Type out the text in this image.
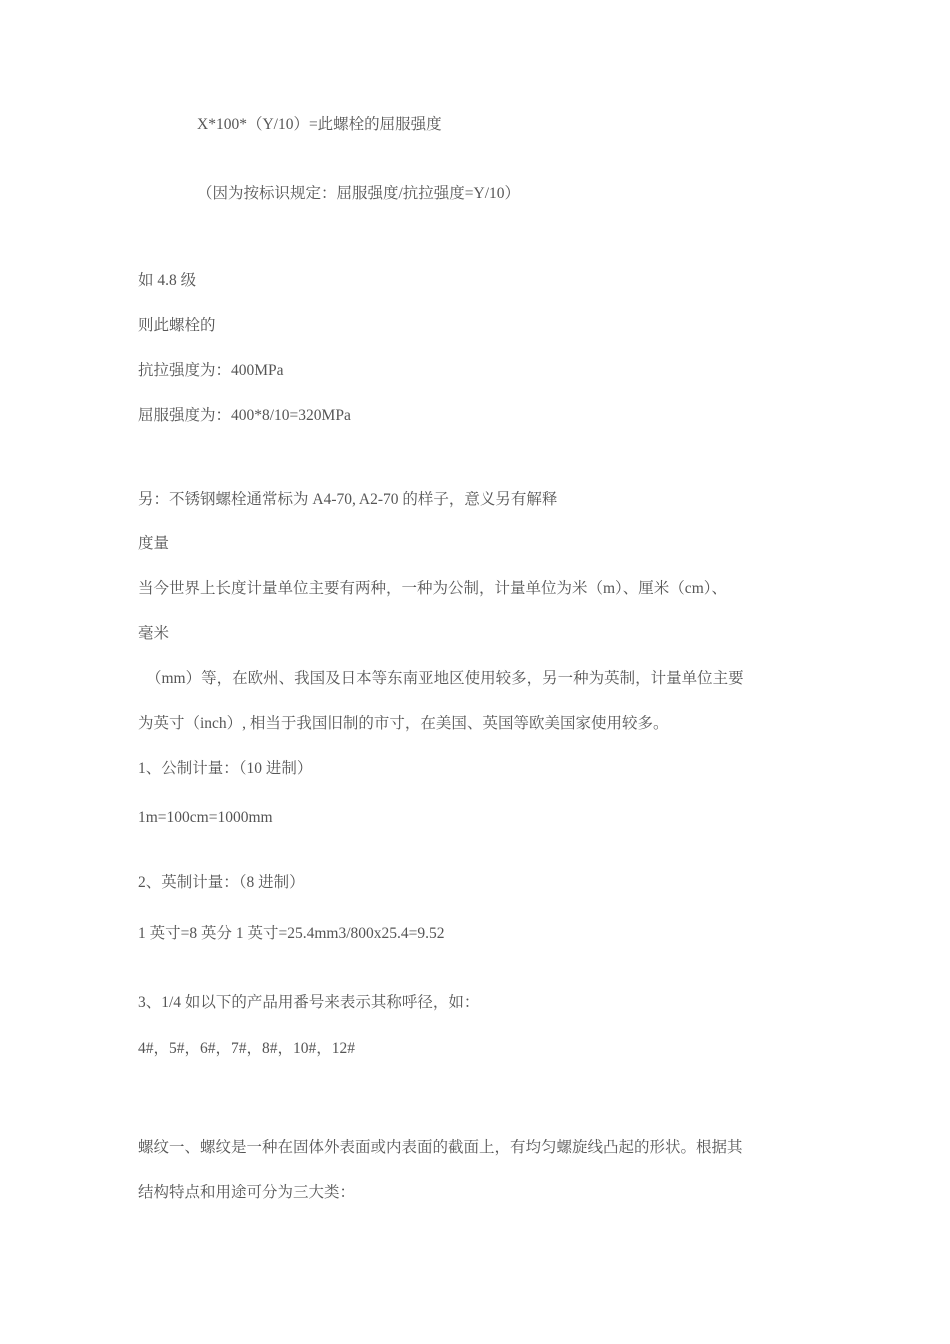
X*100*（Y/10）=此螺栓的屈服强度
（因为按标识规定：屈服强度/抗拉强度=Y/10）
如 4.8 级
则此螺栓的
抗拉强度为：400MPa
屈服强度为：400*8/10=320MPa
另：不锈钢螺栓通常标为 A4-70, A2-70 的样子，意义另有解释
度量
当今世界上长度计量单位主要有两种，一种为公制，计量单位为米（m）、厘米（cm）、
毫米
（mm）等，在欧州、我国及日本等东南亚地区使用较多，另一种为英制，计量单位主要
为英寸（inch）, 相当于我国旧制的市寸，在美国、英国等欧美国家使用较多。
1、公制计量：（10 进制）
1m=100cm=1000mm
2、英制计量：（8 进制）
1 英寸=8 英分 1 英寸=25.4mm3/800x25.4=9.52
3、1/4 如以下的产品用番号来表示其称呼径，如：
4#，5#，6#，7#，8#，10#，12#
螺纹一、螺纹是一种在固体外表面或内表面的截面上，有均匀螺旋线凸起的形状。根据其
结构特点和用途可分为三大类：
